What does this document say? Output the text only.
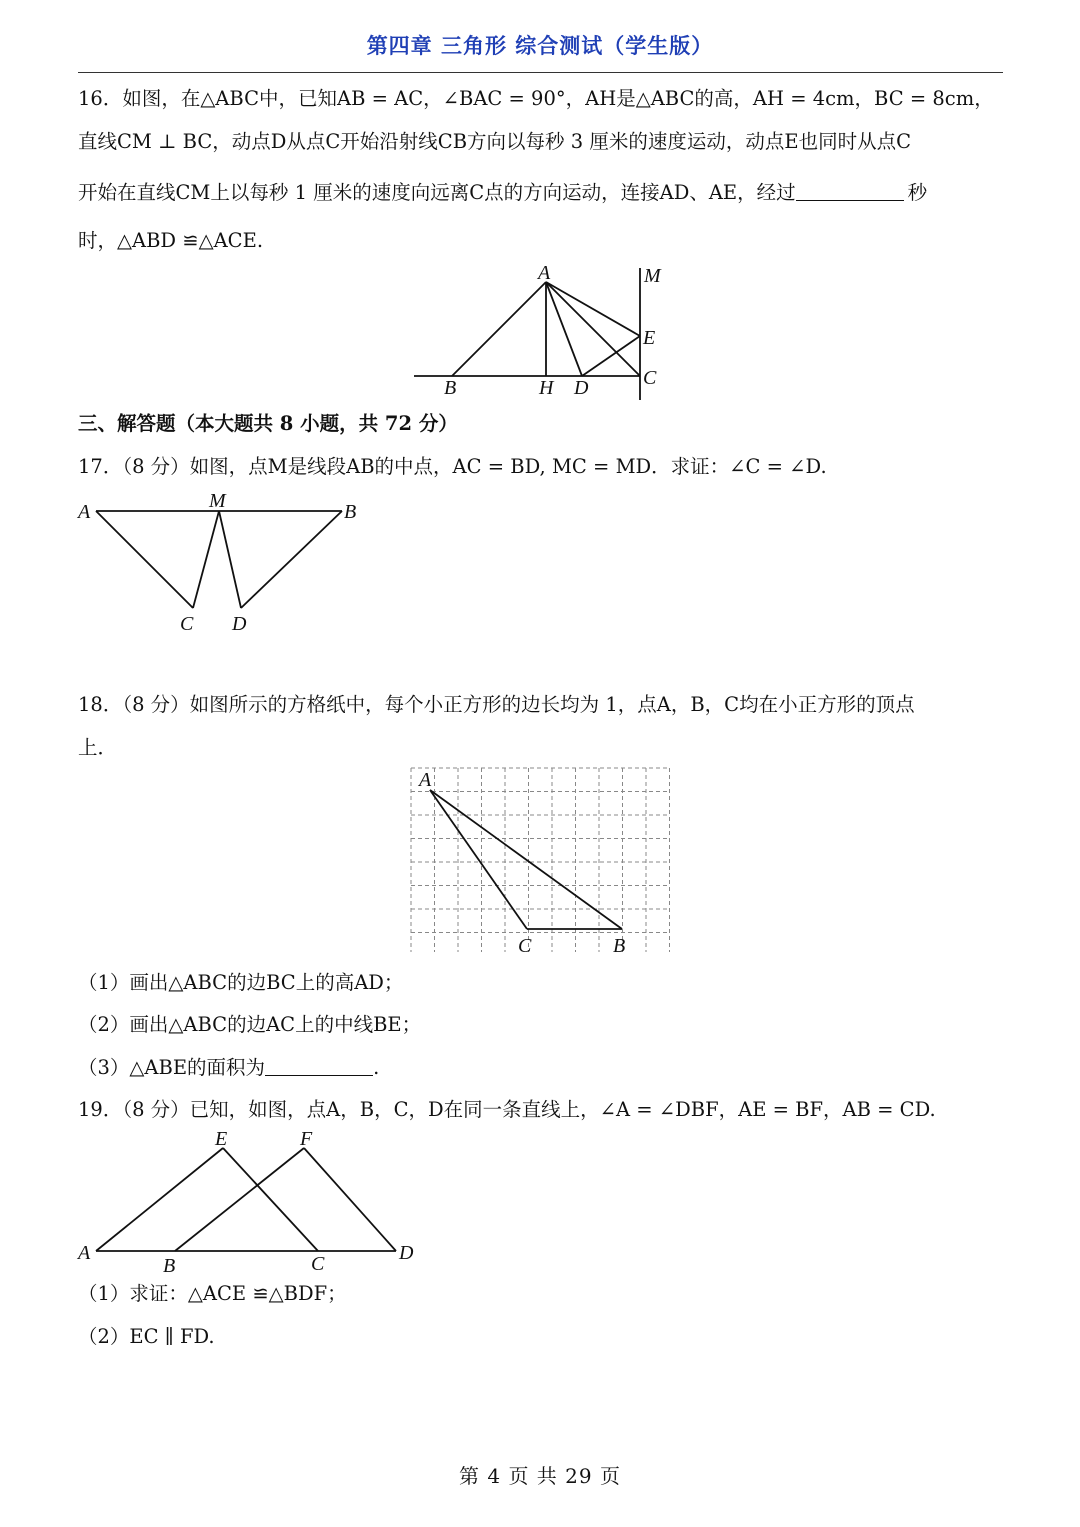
第四章 三角形 综合测试（学生版）
16．如图，在△ABC中，已知AB = AC，∠BAC = 90°，AH是△ABC的高，AH = 4cm，BC = 8cm，
直线CM ⊥ BC，动点D从点C开始沿射线CB方向以每秒 3 厘米的速度运动，动点E也同时从点C
开始在直线CM上以每秒 1 厘米的速度向远离C点的方向运动，连接AD、AE，经过	秒
时，△ABD ≌△ACE.
A	M
E
B	H D	C
三、解答题（本大题共 8 小题，共 72 分）
17．（8 分）如图，点M是线段AB的中点，AC = BD, MC = MD．求证：∠C = ∠D.
A	M	B
C D
18．（8 分）如图所示的方格纸中，每个小正方形的边长均为 1，点A，B，C均在小正方形的顶点
上．
A
C	B
（1）画出△ABC的边BC上的高AD；
（2）画出△ABC的边AC上的中线BE；
（3）△ABE的面积为	.
19．（8 分）已知，如图，点A，B，C，D在同一条直线上，∠A = ∠DBF，AE = BF，AB = CD.
E	F
A
B	C	D
（1）求证：△ACE ≌△BDF；
（2）EC ∥ FD.
第 4 页 共 29 页
